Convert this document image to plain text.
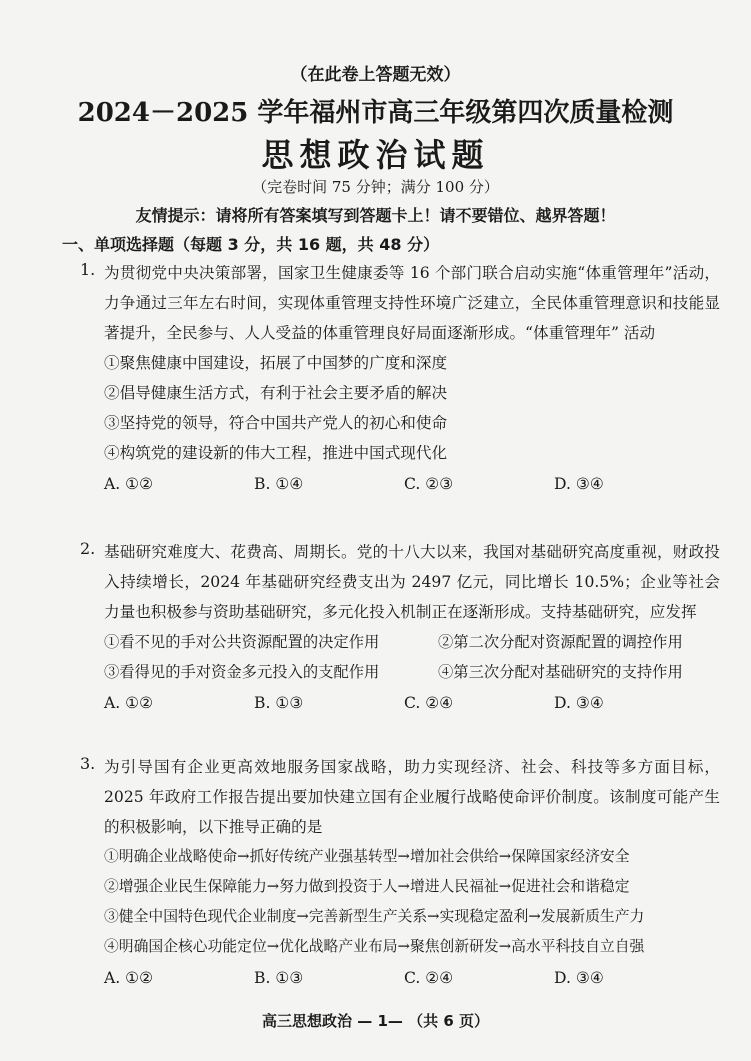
（在此卷上答题无效）
2024－2025 学年福州市高三年级第四次质量检测
思想政治试题
（完卷时间 75 分钟；满分 100 分）
友情提示：请将所有答案填写到答题卡上！请不要错位、越界答题！
一、单项选择题（每题 3 分，共 16 题，共 48 分）
1. 为贯彻党中央决策部署，国家卫生健康委等 16 个部门联合启动实施“体重管理年”活动，力争通过三年左右时间，实现体重管理支持性环境广泛建立，全民体重管理意识和技能显著提升，全民参与、人人受益的体重管理良好局面逐渐形成。“体重管理年” 活动
①聚焦健康中国建设，拓展了中国梦的广度和深度
②倡导健康生活方式，有利于社会主要矛盾的解决
③坚持党的领导，符合中国共产党人的初心和使命
④构筑党的建设新的伟大工程，推进中国式现代化
A. ①②	B. ①④	C. ②③	D. ③④
2. 基础研究难度大、花费高、周期长。党的十八大以来，我国对基础研究高度重视，财政投入持续增长，2024 年基础研究经费支出为 2497 亿元，同比增长 10.5%；企业等社会力量也积极参与资助基础研究，多元化投入机制正在逐渐形成。支持基础研究，应发挥
①看不见的手对公共资源配置的决定作用	②第二次分配对资源配置的调控作用
③看得见的手对资金多元投入的支配作用	④第三次分配对基础研究的支持作用
A. ①②	B. ①③	C. ②④	D. ③④
3. 为引导国有企业更高效地服务国家战略，助力实现经济、社会、科技等多方面目标，2025 年政府工作报告提出要加快建立国有企业履行战略使命评价制度。该制度可能产生的积极影响，以下推导正确的是
①明确企业战略使命→抓好传统产业强基转型→增加社会供给→保障国家经济安全
②增强企业民生保障能力→努力做到投资于人→增进人民福祉→促进社会和谐稳定
③健全中国特色现代企业制度→完善新型生产关系→实现稳定盈利→发展新质生产力
④明确国企核心功能定位→优化战略产业布局→聚焦创新研发→高水平科技自立自强
A. ①②	B. ①③	C. ②④	D. ③④
高三思想政治 — 1— （共 6 页）
